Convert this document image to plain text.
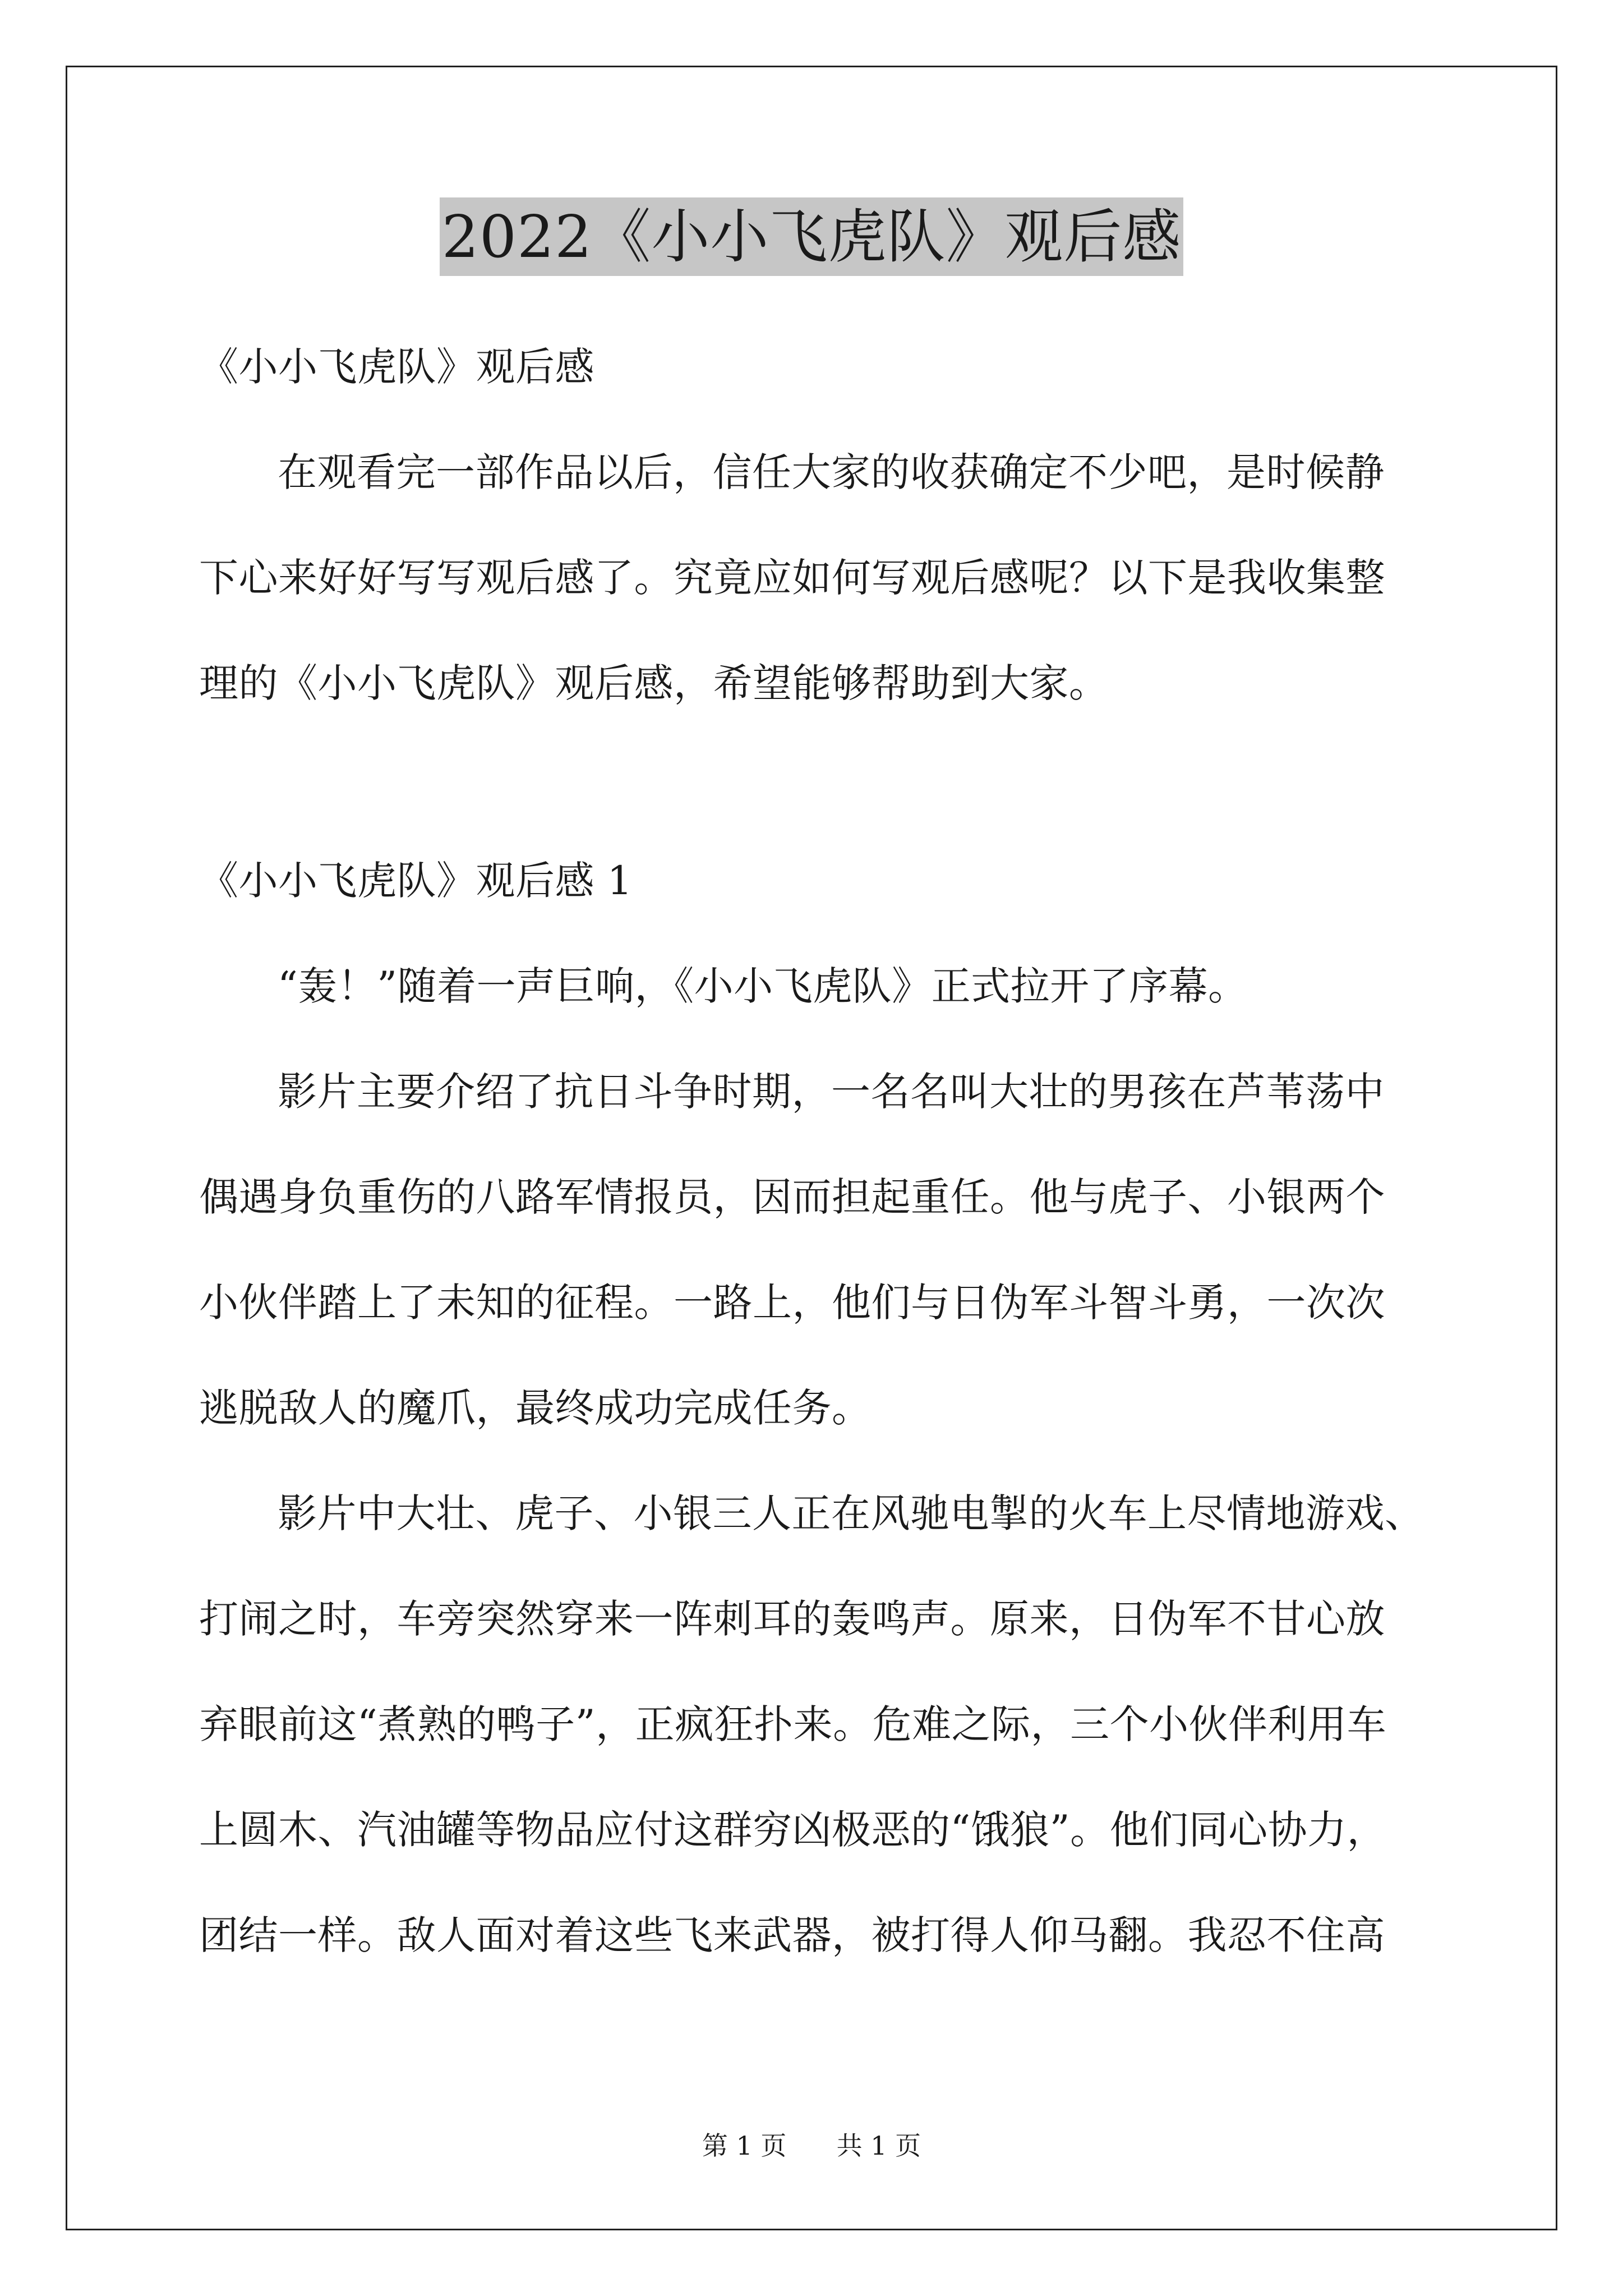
2022《小小飞虎队》观后感

《小小飞虎队》观后感

在观看完一部作品以后，信任大家的收获确定不少吧，是时候静

下心来好好写写观后感了。究竟应如何写观后感呢？以下是我收集整

理的《小小飞虎队》观后感，希望能够帮助到大家。

《小小飞虎队》观后感 1

“轰！”随着一声巨响，《小小飞虎队》正式拉开了序幕。

影片主要介绍了抗日斗争时期，一名名叫大壮的男孩在芦苇荡中

偶遇身负重伤的八路军情报员，因而担起重任。他与虎子、小银两个

小伙伴踏上了未知的征程。一路上，他们与日伪军斗智斗勇，一次次

逃脱敌人的魔爪，最终成功完成任务。

影片中大壮、虎子、小银三人正在风驰电掣的火车上尽情地游戏、

打闹之时，车旁突然穿来一阵刺耳的轰鸣声。原来，日伪军不甘心放

弃眼前这“煮熟的鸭子”，正疯狂扑来。危难之际，三个小伙伴利用车

上圆木、汽油罐等物品应付这群穷凶极恶的“饿狼”。他们同心协力，

团结一样。敌人面对着这些飞来武器，被打得人仰马翻。我忍不住高

第 1 页 共 1 页
